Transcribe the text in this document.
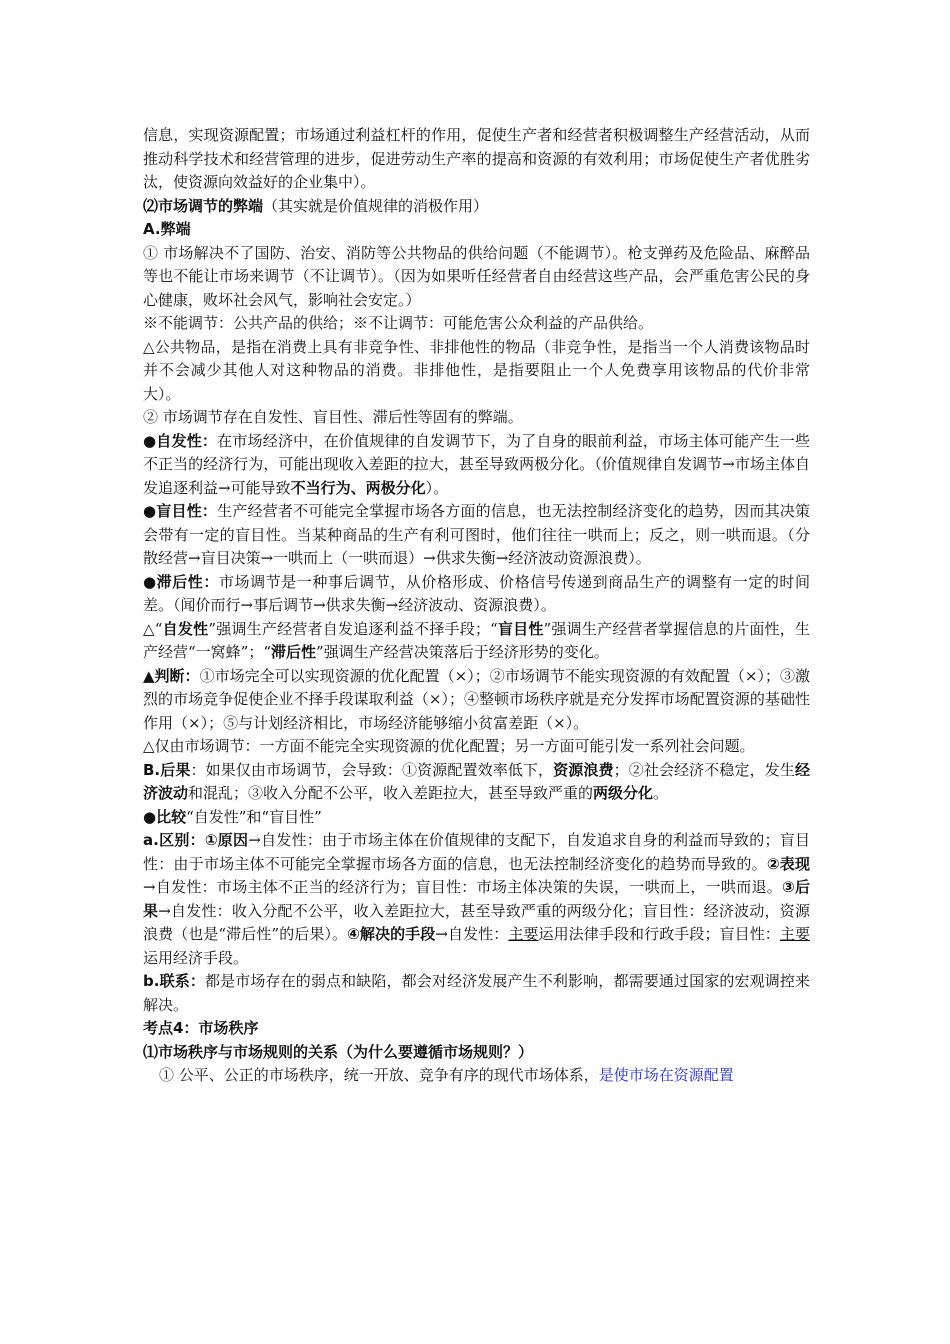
信息，实现资源配置；市场通过利益杠杆的作用，促使生产者和经营者积极调整生产经营活动，从而推动科学技术和经营管理的进步，促进劳动生产率的提高和资源的有效利用；市场促使生产者优胜劣汰，使资源向效益好的企业集中）。

⑵市场调节的弊端（其实就是价值规律的消极作用）

A.弊端

① 市场解决不了国防、治安、消防等公共物品的供给问题（不能调节）。枪支弹药及危险品、麻醉品等也不能让市场来调节（不让调节）。（因为如果听任经营者自由经营这些产品，会严重危害公民的身心健康，败坏社会风气，影响社会安定。）

※不能调节：公共产品的供给；※不让调节：可能危害公众利益的产品供给。

△公共物品，是指在消费上具有非竞争性、非排他性的物品（非竞争性，是指当一个人消费该物品时并不会减少其他人对这种物品的消费。非排他性，是指要阻止一个人免费享用该物品的代价非常大）。

② 市场调节存在自发性、盲目性、滞后性等固有的弊端。

●自发性：在市场经济中，在价值规律的自发调节下，为了自身的眼前利益，市场主体可能产生一些不正当的经济行为，可能出现收入差距的拉大，甚至导致两极分化。（价值规律自发调节→市场主体自发追逐利益→可能导致不当行为、两极分化）。

●盲目性：生产经营者不可能完全掌握市场各方面的信息，也无法控制经济变化的趋势，因而其决策会带有一定的盲目性。当某种商品的生产有利可图时，他们往往一哄而上；反之，则一哄而退。（分散经营→盲目决策→一哄而上（一哄而退）→供求失衡→经济波动资源浪费）。

●滞后性：市场调节是一种事后调节，从价格形成、价格信号传递到商品生产的调整有一定的时间差。（闻价而行→事后调节→供求失衡→经济波动、资源浪费）。

△“自发性”强调生产经营者自发追逐利益不择手段；“盲目性”强调生产经营者掌握信息的片面性，生产经营“一窝蜂”；“滞后性”强调生产经营决策落后于经济形势的变化。

▲判断：①市场完全可以实现资源的优化配置（×）；②市场调节不能实现资源的有效配置（×）；③激烈的市场竞争促使企业不择手段谋取利益（×）；④整顿市场秩序就是充分发挥市场配置资源的基础性作用（×）；⑤与计划经济相比，市场经济能够缩小贫富差距（×）。

△仅由市场调节：一方面不能完全实现资源的优化配置；另一方面可能引发一系列社会问题。

B.后果：如果仅由市场调节，会导致：①资源配置效率低下，资源浪费；②社会经济不稳定，发生经济波动和混乱；③收入分配不公平，收入差距拉大，甚至导致严重的两级分化。

●比较“自发性”和“盲目性”

a.区别：①原因→自发性：由于市场主体在价值规律的支配下，自发追求自身的利益而导致的；盲目性：由于市场主体不可能完全掌握市场各方面的信息，也无法控制经济变化的趋势而导致的。②表现→自发性：市场主体不正当的经济行为；盲目性：市场主体决策的失误，一哄而上，一哄而退。③后果→自发性：收入分配不公平，收入差距拉大，甚至导致严重的两级分化；盲目性：经济波动，资源浪费（也是“滞后性”的后果）。④解决的手段→自发性：主要运用法律手段和行政手段；盲目性：主要运用经济手段。

b.联系：都是市场存在的弱点和缺陷，都会对经济发展产生不利影响，都需要通过国家的宏观调控来解决。

考点4：市场秩序

⑴市场秩序与市场规则的关系（为什么要遵循市场规则？）

① 公平、公正的市场秩序，统一开放、竞争有序的现代市场体系，是使市场在资源配置
